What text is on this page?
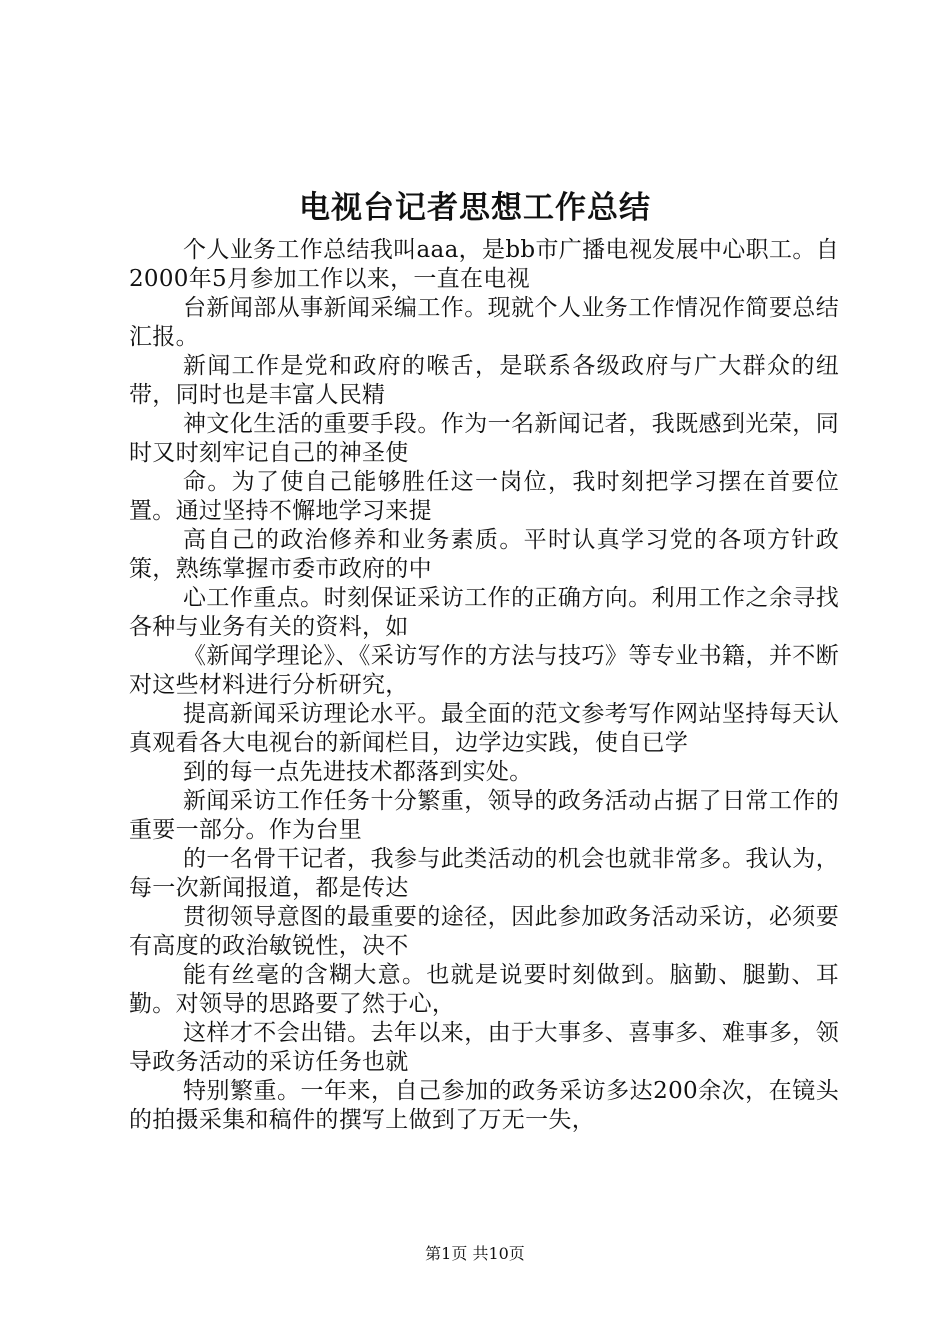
电视台记者思想工作总结

个人业务工作总结我叫aaa，是bb市广播电视发展中心职工。自2000年5月参加工作以来，一直在电视

台新闻部从事新闻采编工作。现就个人业务工作情况作简要总结汇报。

新闻工作是党和政府的喉舌，是联系各级政府与广大群众的纽带，同时也是丰富人民精

神文化生活的重要手段。作为一名新闻记者，我既感到光荣，同时又时刻牢记自己的神圣使

命。为了使自己能够胜任这一岗位，我时刻把学习摆在首要位置。通过坚持不懈地学习来提

高自己的政治修养和业务素质。平时认真学习党的各项方针政策，熟练掌握市委市政府的中

心工作重点。时刻保证采访工作的正确方向。利用工作之余寻找各种与业务有关的资料，如

《新闻学理论》、《采访写作的方法与技巧》等专业书籍，并不断对这些材料进行分析研究，

提高新闻采访理论水平。最全面的范文参考写作网站坚持每天认真观看各大电视台的新闻栏目，边学边实践，使自已学

到的每一点先进技术都落到实处。

新闻采访工作任务十分繁重，领导的政务活动占据了日常工作的重要一部分。作为台里

的一名骨干记者，我参与此类活动的机会也就非常多。我认为，每一次新闻报道，都是传达

贯彻领导意图的最重要的途径，因此参加政务活动采访，必须要有高度的政治敏锐性，决不

能有丝毫的含糊大意。也就是说要时刻做到。脑勤、腿勤、耳勤。对领导的思路要了然于心，

这样才不会出错。去年以来，由于大事多、喜事多、难事多，领导政务活动的采访任务也就

特别繁重。一年来，自己参加的政务采访多达200余次，在镜头的拍摄采集和稿件的撰写上做到了万无一失，

第1页 共10页
